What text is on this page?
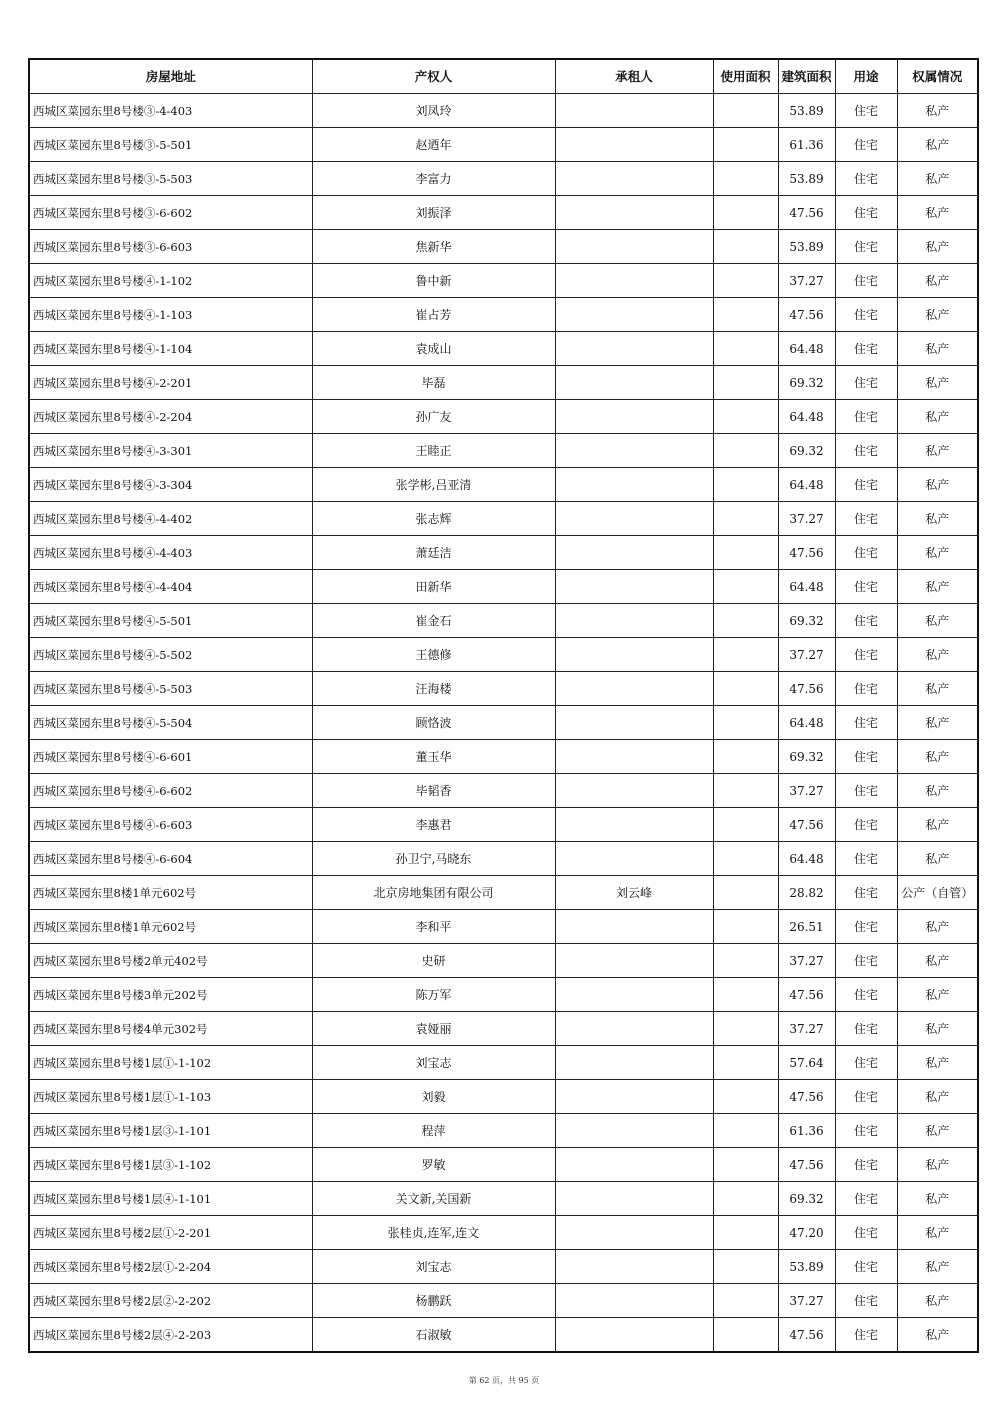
房屋地址	产权人	承租人	使用面积	建筑面积	用途	权属情况
西城区菜园东里8号楼③-4-403	刘凤玲			53.89	住宅	私产
西城区菜园东里8号楼③-5-501	赵迺年			61.36	住宅	私产
西城区菜园东里8号楼③-5-503	李富力			53.89	住宅	私产
西城区菜园东里8号楼③-6-602	刘振泽			47.56	住宅	私产
西城区菜园东里8号楼③-6-603	焦新华			53.89	住宅	私产
西城区菜园东里8号楼④-1-102	鲁中新			37.27	住宅	私产
西城区菜园东里8号楼④-1-103	崔占芳			47.56	住宅	私产
西城区菜园东里8号楼④-1-104	袁成山			64.48	住宅	私产
西城区菜园东里8号楼④-2-201	毕磊			69.32	住宅	私产
西城区菜园东里8号楼④-2-204	孙广友			64.48	住宅	私产
西城区菜园东里8号楼④-3-301	王睦正			69.32	住宅	私产
西城区菜园东里8号楼④-3-304	张学彬,吕亚清			64.48	住宅	私产
西城区菜园东里8号楼④-4-402	张志辉			37.27	住宅	私产
西城区菜园东里8号楼④-4-403	萧廷洁			47.56	住宅	私产
西城区菜园东里8号楼④-4-404	田新华			64.48	住宅	私产
西城区菜园东里8号楼④-5-501	崔金石			69.32	住宅	私产
西城区菜园东里8号楼④-5-502	王德修			37.27	住宅	私产
西城区菜园东里8号楼④-5-503	汪海楼			47.56	住宅	私产
西城区菜园东里8号楼④-5-504	顾恪波			64.48	住宅	私产
西城区菜园东里8号楼④-6-601	董玉华			69.32	住宅	私产
西城区菜园东里8号楼④-6-602	毕韬香			37.27	住宅	私产
西城区菜园东里8号楼④-6-603	李惠君			47.56	住宅	私产
西城区菜园东里8号楼④-6-604	孙卫宁,马晓东			64.48	住宅	私产
西城区菜园东里8楼1单元602号	北京房地集团有限公司	刘云峰		28.82	住宅	公产（自管）
西城区菜园东里8楼1单元602号	李和平			26.51	住宅	私产
西城区菜园东里8号楼2单元402号	史研			37.27	住宅	私产
西城区菜园东里8号楼3单元202号	陈万军			47.56	住宅	私产
西城区菜园东里8号楼4单元302号	袁娅丽			37.27	住宅	私产
西城区菜园东里8号楼1层①-1-102	刘宝志			57.64	住宅	私产
西城区菜园东里8号楼1层①-1-103	刘毅			47.56	住宅	私产
西城区菜园东里8号楼1层③-1-101	程萍			61.36	住宅	私产
西城区菜园东里8号楼1层③-1-102	罗敏			47.56	住宅	私产
西城区菜园东里8号楼1层④-1-101	关文新,关国新			69.32	住宅	私产
西城区菜园东里8号楼2层①-2-201	张桂贞,连军,连文			47.20	住宅	私产
西城区菜园东里8号楼2层①-2-204	刘宝志			53.89	住宅	私产
西城区菜园东里8号楼2层②-2-202	杨鹏跃			37.27	住宅	私产
西城区菜园东里8号楼2层④-2-203	石淑敏			47.56	住宅	私产
第 62 页，共 95 页
